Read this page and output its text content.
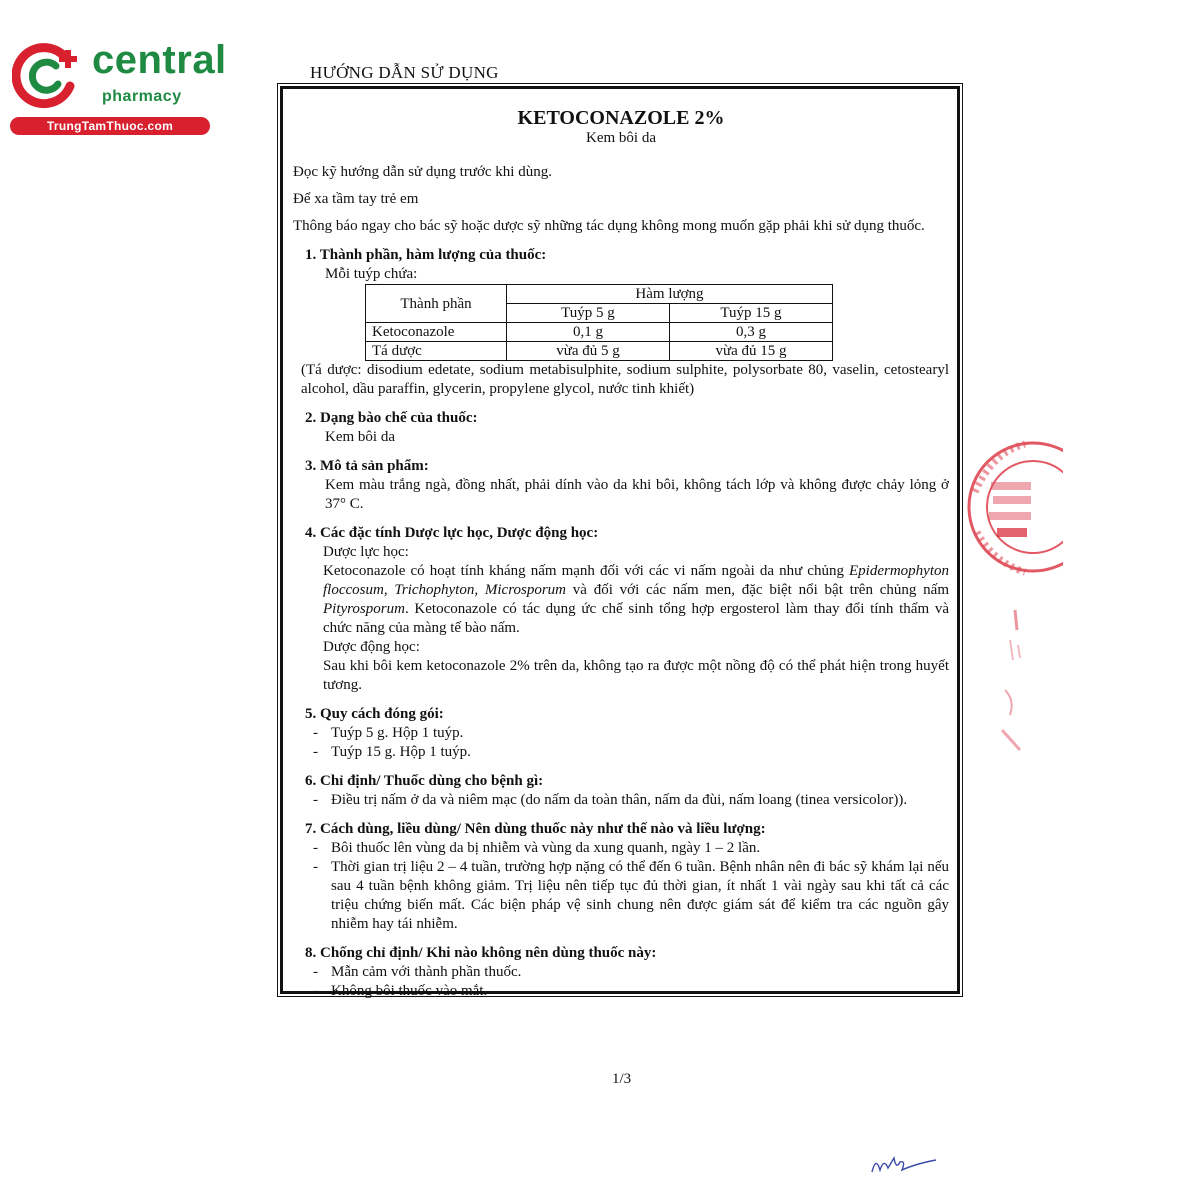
central
pharmacy
TrungTamThuoc.com
HƯỚNG DẪN SỬ DỤNG
KETOCONAZOLE 2%
Kem bôi da

Đọc kỹ hướng dẫn sử dụng trước khi dùng.

Để xa tầm tay trẻ em

Thông báo ngay cho bác sỹ hoặc dược sỹ những tác dụng không mong muốn gặp phải khi sử dụng thuốc.

1. Thành phần, hàm lượng của thuốc:
Mỗi tuýp chứa:
Thành phần	Hàm lượng	
	Tuýp 5 g	Tuýp 15 g
Ketoconazole	0,1 g	0,3 g
Tá dược	vừa đủ 5 g	vừa đủ 15 g
(Tá dược: disodium edetate, sodium metabisulphite, sodium sulphite, polysorbate 80, vaselin, cetostearyl alcohol, dầu paraffin, glycerin, propylene glycol, nước tinh khiết)
2. Dạng bào chế của thuốc:
Kem bôi da
3. Mô tả sản phẩm:
Kem màu trắng ngà, đồng nhất, phải dính vào da khi bôi, không tách lớp và không được chảy lỏng ở 37° C.
4. Các đặc tính Dược lực học, Dược động học:
Dược lực học:
Ketoconazole có hoạt tính kháng nấm mạnh đối với các vi nấm ngoài da như chủng Epidermophyton floccosum, Trichophyton, Microsporum và đối với các nấm men, đặc biệt nổi bật trên chủng nấm Pityrosporum. Ketoconazole có tác dụng ức chế sinh tổng hợp ergosterol làm thay đổi tính thấm và chức năng của màng tế bào nấm.
Dược động học:
Sau khi bôi kem ketoconazole 2% trên da, không tạo ra được một nồng độ có thể phát hiện trong huyết tương.
5. Quy cách đóng gói:
- Tuýp 5 g. Hộp 1 tuýp.
- Tuýp 15 g. Hộp 1 tuýp.
6. Chỉ định/ Thuốc dùng cho bệnh gì:
- Điều trị nấm ở da và niêm mạc (do nấm da toàn thân, nấm da đùi, nấm loang (tinea versicolor)).
7. Cách dùng, liều dùng/ Nên dùng thuốc này như thế nào và liều lượng:
- Bôi thuốc lên vùng da bị nhiễm và vùng da xung quanh, ngày 1 – 2 lần.
- Thời gian trị liệu 2 – 4 tuần, trường hợp nặng có thể đến 6 tuần. Bệnh nhân nên đi bác sỹ khám lại nếu sau 4 tuần bệnh không giảm. Trị liệu nên tiếp tục đủ thời gian, ít nhất 1 vài ngày sau khi tất cả các triệu chứng biến mất. Các biện pháp vệ sinh chung nên được giám sát để kiểm tra các nguồn gây nhiễm hay tái nhiễm.
8. Chống chỉ định/ Khi nào không nên dùng thuốc này:
- Mẫn cảm với thành phần thuốc.
- Không bôi thuốc vào mắt.
1/3
